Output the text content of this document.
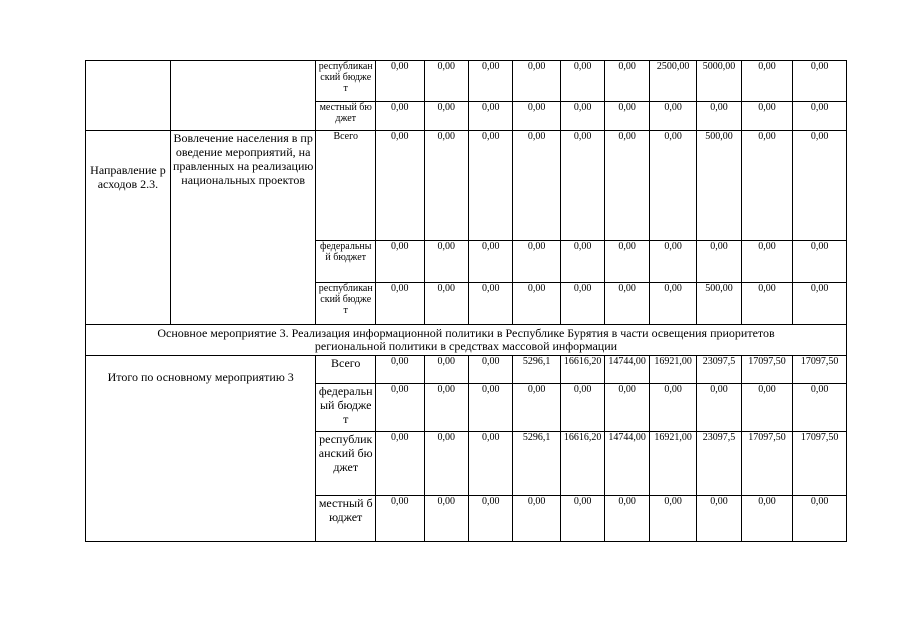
		республиканский бюджет	0,00	0,00	0,00	0,00	0,00	0,00	2500,00	5000,00	0,00	0,00
		местный бюджет	0,00	0,00	0,00	0,00	0,00	0,00	0,00	0,00	0,00	0,00
Направление расходов 2.3.	Вовлечение населения в проведение мероприятий, направленных на реализацию национальных проектов	Всего	0,00	0,00	0,00	0,00	0,00	0,00	0,00	500,00	0,00	0,00
		федеральный бюджет	0,00	0,00	0,00	0,00	0,00	0,00	0,00	0,00	0,00	0,00
		республиканский бюджет	0,00	0,00	0,00	0,00	0,00	0,00	0,00	500,00	0,00	0,00
Основное мероприятие 3. Реализация информационной политики в Республике Бурятия в части освещения приоритетов региональной политики в средствах массовой информации												
Итого по основному мероприятию 3		Всего	0,00	0,00	0,00	5296,1	16616,20	14744,00	16921,00	23097,5	17097,50	17097,50
		федеральный бюджет	0,00	0,00	0,00	0,00	0,00	0,00	0,00	0,00	0,00	0,00
		республиканский бюджет	0,00	0,00	0,00	5296,1	16616,20	14744,00	16921,00	23097,5	17097,50	17097,50
		местный бюджет	0,00	0,00	0,00	0,00	0,00	0,00	0,00	0,00	0,00	0,00
